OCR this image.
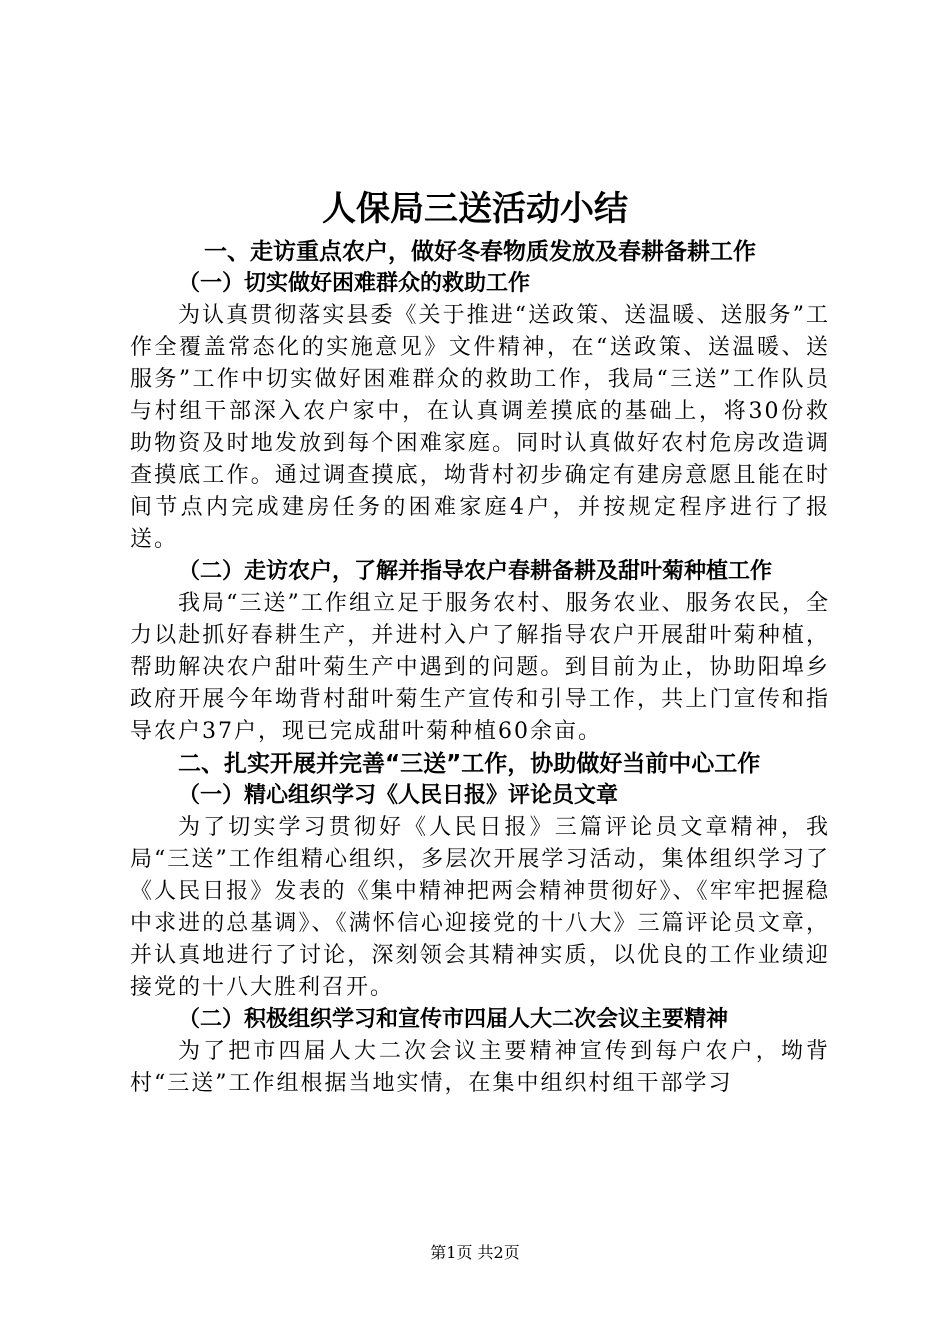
人保局三送活动小结

一、走访重点农户，做好冬春物质发放及春耕备耕工作

（一）切实做好困难群众的救助工作

为认真贯彻落实县委《关于推进“送政策、送温暖、送服务”工作全覆盖常态化的实施意见》文件精神，在“送政策、送温暖、送服务”工作中切实做好困难群众的救助工作，我局“三送”工作队员与村组干部深入农户家中，在认真调差摸底的基础上，将30份救助物资及时地发放到每个困难家庭。同时认真做好农村危房改造调查摸底工作。通过调查摸底，坳背村初步确定有建房意愿且能在时间节点内完成建房任务的困难家庭4户，并按规定程序进行了报送。

（二）走访农户，了解并指导农户春耕备耕及甜叶菊种植工作

我局“三送”工作组立足于服务农村、服务农业、服务农民，全力以赴抓好春耕生产，并进村入户了解指导农户开展甜叶菊种植，帮助解决农户甜叶菊生产中遇到的问题。到目前为止，协助阳埠乡政府开展今年坳背村甜叶菊生产宣传和引导工作，共上门宣传和指导农户37户，现已完成甜叶菊种植60余亩。

二、扎实开展并完善“三送”工作，协助做好当前中心工作

（一）精心组织学习《人民日报》评论员文章

为了切实学习贯彻好《人民日报》三篇评论员文章精神，我局“三送”工作组精心组织，多层次开展学习活动，集体组织学习了《人民日报》发表的《集中精神把两会精神贯彻好》、《牢牢把握稳中求进的总基调》、《满怀信心迎接党的十八大》三篇评论员文章，并认真地进行了讨论，深刻领会其精神实质，以优良的工作业绩迎接党的十八大胜利召开。

（二）积极组织学习和宣传市四届人大二次会议主要精神

为了把市四届人大二次会议主要精神宣传到每户农户，坳背村“三送”工作组根据当地实情，在集中组织村组干部学习

第1页 共2页
